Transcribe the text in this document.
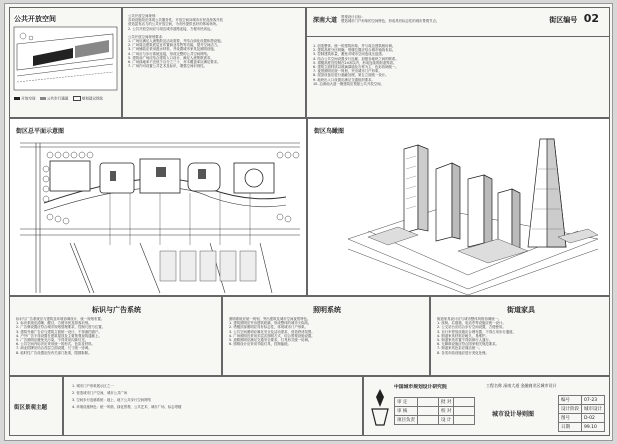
公共开放空间
开放空间	公共步行通道	规划建议绿化

公共开放空间规划：

各项设施均应体现公共服务性，开放空间向城市市民及游客开放

营造富有活力的公共开放空间，为市民提供良好的休闲场所。

2. 公共开放空间应与周边城市道路连接，方便市民到达。

公共开放空间规划要求：

1. 广场应满足人流集散及活动需要，并结合绿化设置休憩设施。

2. 广场周边建筑底层宜布置商业零售等功能，提升空间活力。

3. 广场铺装应采用透水材料，并设置城市家具及照明设施。

4. 广场应与步行系统连接，形成完整的公共空间网络。

5. 建筑前广场应结合建筑入口设计，满足人流集散需求。

6. 广场绿地率不宜低于百分之三十，乔木覆盖率应满足要求。

7. 广场内可设置公共艺术及标识，增强空间识别性。

深南大道	街区编号 02

景观设计目标：

塑造城市门户形象的空间特色，形成具有标志性的城市景观节点。

1. 创造整体、统一的建筑形象，并与周边建筑相协调。

2. 建筑高度分区明确，塔楼位置应结合城市轴线布局。

3. 控制建筑体量，避免对城市空间造成压迫感。

4. 结合公共空间设置步行连廊，加强各地块之间的联系。

5. 裙楼高度宜控制在24米以内，形成连续的街道界面。

6. 建筑立面材质以玻璃幕墙及石材为主，色彩协调统一。

7. 夜景照明应统一规划，突出城市门户形象。

8. 屋顶设备应进行遮蔽处理，第五立面统一设计。

9. 地块出入口设置应满足交通组织要求。

10. 沿深南大道一侧建筑应预留公共开放空间。

街区总平面示意图	街区鸟瞰图
标识与广告系统

标识与广告系统应与建筑及环境协调设计，统一规划布置。

1. 标识系统应清晰、醒目，方便市民及游客识别。

2. 广告牌设置应符合城市规划管理要求，控制尺度与位置。

3. 建筑外墙广告应与建筑立面统一设计，不得遮挡窗户。

4. 户外广告不得设置在建筑屋顶及主要景观视线通廊上。

5. 广告照明应避免光污染，不得采用闪烁灯光。

6. 公共空间内标识应采用统一的形式、色彩及材料。

7. 商业招牌应结合首层立面设置，尺寸统一协调。

8. 临时性广告设置应经有关部门批准，限期拆除。

照明系统

照明系统应统一规划，突出建筑及城市空间夜景特色。

1. 建筑照明应突出建筑轮廓，形成整体的城市天际线。

2. 塔楼顶部照明应具有标志性，体现城市门户形象。

3. 公共空间照明应满足安全及活动需求，营造舒适氛围。

4. 广场照明宜采用多层次照明方式，结合景观设施设置。

5. 道路照明应满足交通安全要求，灯具形式统一协调。

6. 照明设计应采用节能灯具，控制能耗。

街道家具

街道家具设计应与城市整体风格协调统一。

1. 座椅、垃圾箱、电话亭等设施应统一设计。

2. 公交站台应结合步行空间设置，方便使用。

3. 自行车停放设施应合理布置，不得占用步行通道。

4. 街道家具材料应耐久、易维护。

5. 街道家具布置不得妨碍行人通行。

6. 无障碍设施应符合国家相关规范要求。

7. 街道家具色彩应简洁统一。

8. 各类市政设施应进行美化处理。

街区景观主题

1. 城市门户形象展示区之一

2. 营造城市门户空间，城市公共广场

3. 空间步行连廊系统：地上、地下公共步行空间网络

4. 环境设施特色：统一风格、绿化景观、公共艺术、城市广场、标志塔楼

中国城市规划设计研究院	工程名称 深南大道 金融商业区城市设计
审 定		批 对	
审 核		校 对	
项目负责		设 计	
城市设计导则图
编号	07-23
设计阶段	城市设计
图号	D-02
日期	99.10
